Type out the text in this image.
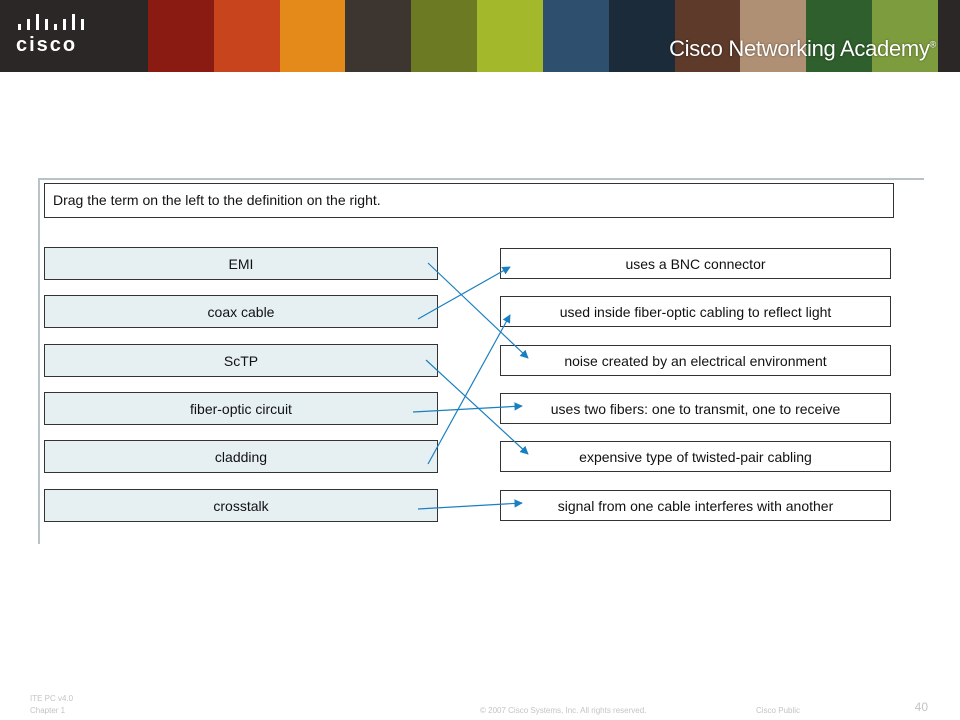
cisco	Cisco Networking Academy®
Drag the term on the left to the definition on the right.
EMI
coax cable
ScTP
fiber-optic circuit
cladding
crosstalk
uses a BNC connector
used inside fiber-optic cabling to reflect light
noise created by an electrical environment
uses two fibers: one to transmit, one to receive
expensive type of twisted-pair cabling
signal from one cable interferes with another
ITE PC v4.0
Chapter 1	© 2007 Cisco Systems, Inc. All rights reserved.	Cisco Public	40
